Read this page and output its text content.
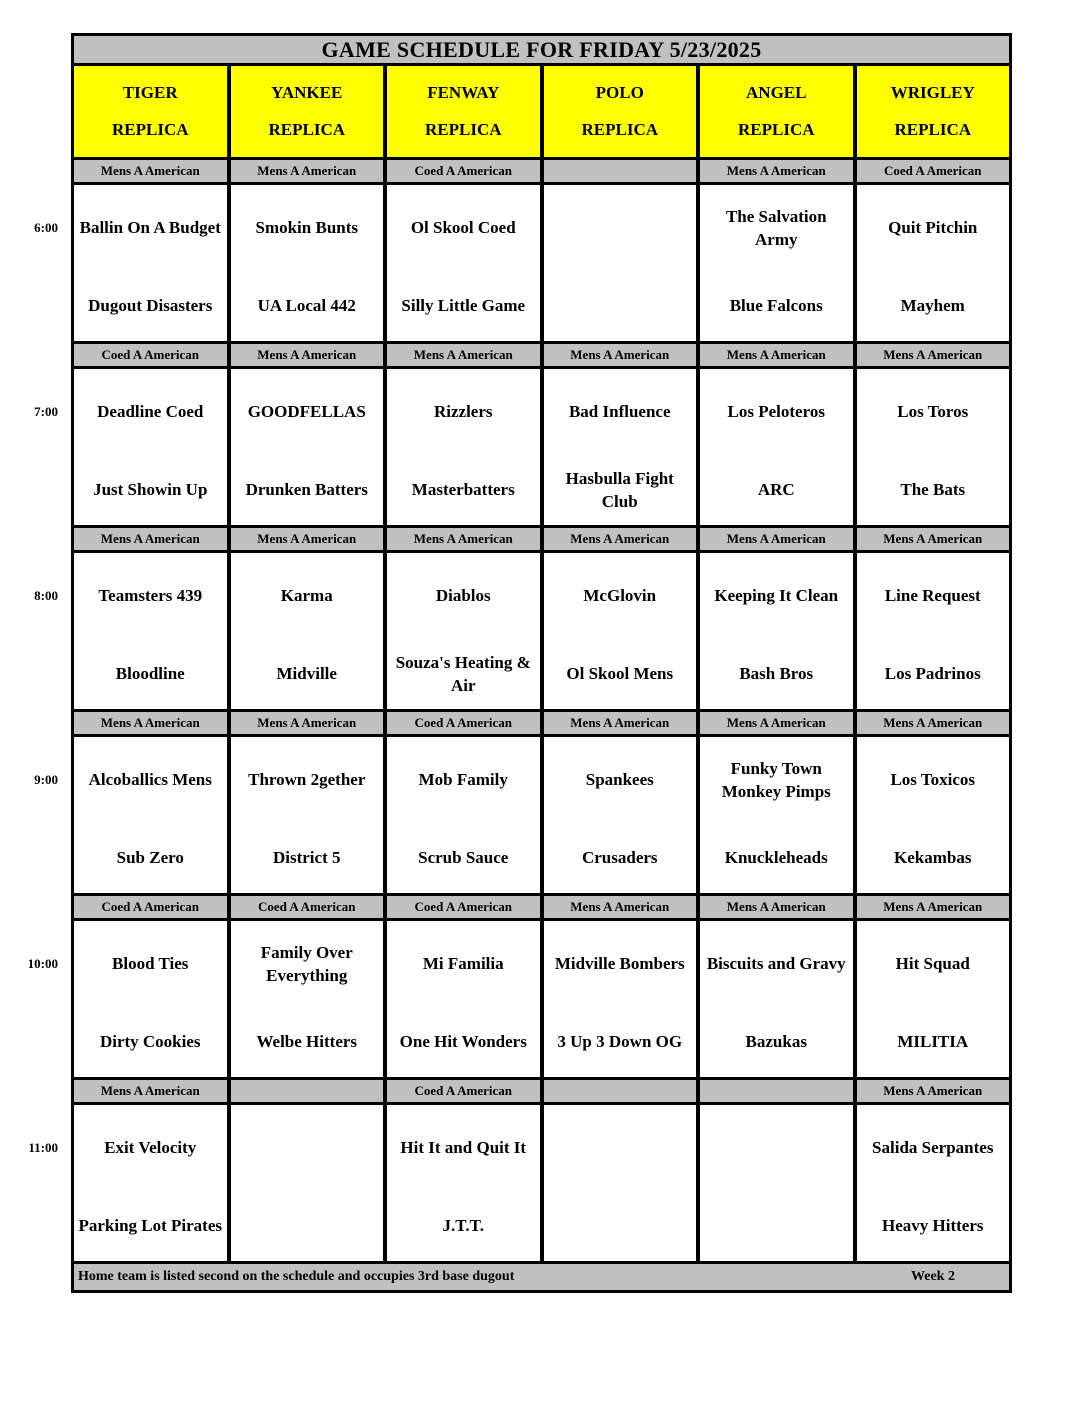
GAME SCHEDULE FOR FRIDAY 5/23/2025
TIGER
REPLICA
YANKEE
REPLICA
FENWAY
REPLICA
POLO
REPLICA
ANGEL
REPLICA
WRIGLEY
REPLICA
Mens A American
Ballin On A Budget
Dugout Disasters
Mens A American
Smokin Bunts
UA Local 442
Coed A American
Ol Skool Coed
Silly Little Game
Mens A American
The Salvation Army
Blue Falcons
Coed A American
Quit Pitchin
Mayhem
Coed A American
Deadline Coed
Just Showin Up
Mens A American
GOODFELLAS
Drunken Batters
Mens A American
Rizzlers
Masterbatters
Mens A American
Bad Influence
Hasbulla Fight Club
Mens A American
Los Peloteros
ARC
Mens A American
Los Toros
The Bats
Mens A American
Teamsters 439
Bloodline
Mens A American
Karma
Midville
Mens A American
Diablos
Souza's Heating & Air
Mens A American
McGlovin
Ol Skool Mens
Mens A American
Keeping It Clean
Bash Bros
Mens A American
Line Request
Los Padrinos
Mens A American
Alcoballics Mens
Sub Zero
Mens A American
Thrown 2gether
District 5
Coed A American
Mob Family
Scrub Sauce
Mens A American
Spankees
Crusaders
Mens A American
Funky Town Monkey Pimps
Knuckleheads
Mens A American
Los Toxicos
Kekambas
Coed A American
Blood Ties
Dirty Cookies
Coed A American
Family Over Everything
Welbe Hitters
Coed A American
Mi Familia
One Hit Wonders
Mens A American
Midville Bombers
3 Up 3 Down OG
Mens A American
Biscuits and Gravy
Bazukas
Mens A American
Hit Squad
MILITIA
Mens A American
Exit Velocity
Parking Lot Pirates
Coed A American
Hit It and Quit It
J.T.T.
Mens A American
Salida Serpantes
Heavy Hitters
Home team is listed second on the schedule and occupies 3rd base dugout	Week 2
6:00
7:00
8:00
9:00
10:00
11:00
